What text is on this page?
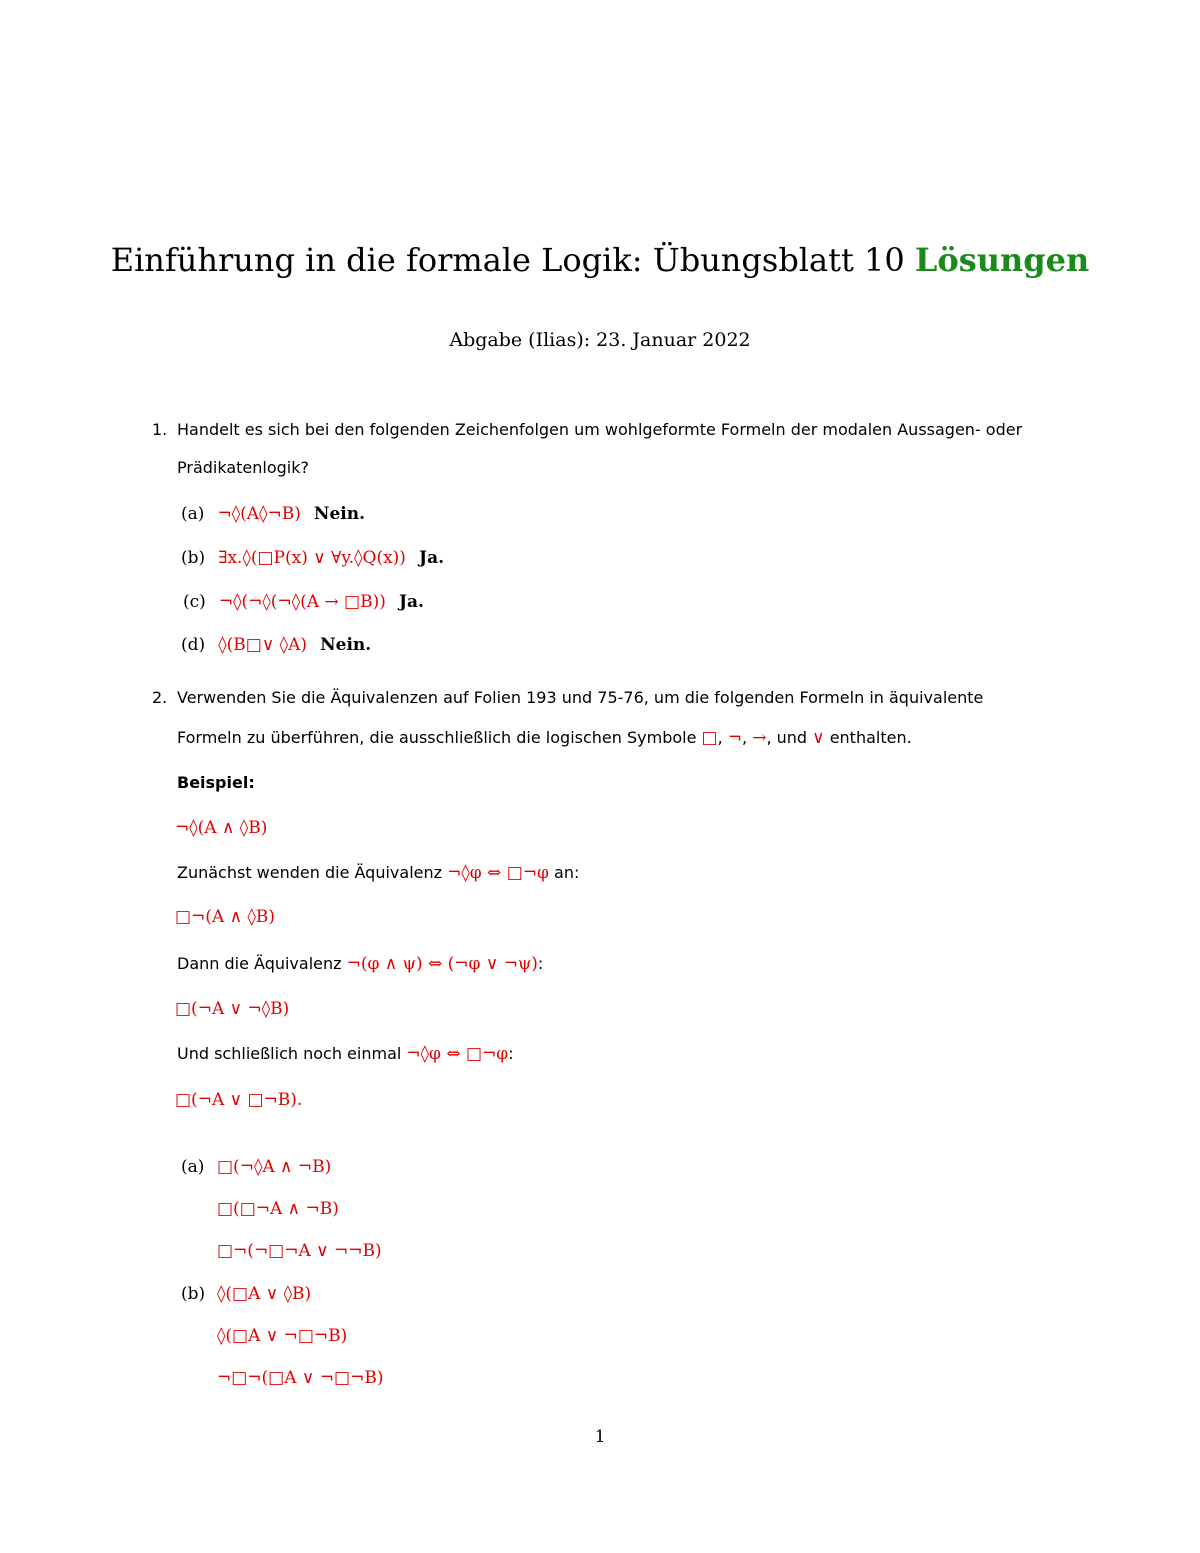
Einführung in die formale Logik: Übungsblatt 10 Lösungen
Abgabe (Ilias): 23. Januar 2022
1. Handelt es sich bei den folgenden Zeichenfolgen um wohlgeformte Formeln der modalen Aussagen- oder
Prädikatenlogik?
(a) ¬◊(A◊¬B) Nein.
(b) ∃x.◊(□P(x) ∨ ∀y.◊Q(x)) Ja.
(c) ¬◊(¬◊(¬◊(A → □B)) Ja.
(d) ◊(B□∨ ◊A) Nein.
2. Verwenden Sie die Äquivalenzen auf Folien 193 und 75-76, um die folgenden Formeln in äquivalente
Formeln zu überführen, die ausschließlich die logischen Symbole □, ¬, →, und ∨ enthalten.
Beispiel:
¬◊(A ∧ ◊B)
Zunächst wenden die Äquivalenz ¬◊φ ⇔ □¬φ an:
□¬(A ∧ ◊B)
Dann die Äquivalenz ¬(φ ∧ ψ) ⇔ (¬φ ∨ ¬ψ):
□(¬A ∨ ¬◊B)
Und schließlich noch einmal ¬◊φ ⇔ □¬φ:
□(¬A ∨ □¬B).
(a) □(¬◊A ∧ ¬B)
□(□¬A ∧ ¬B)
□¬(¬□¬A ∨ ¬¬B)
(b) ◊(□A ∨ ◊B)
◊(□A ∨ ¬□¬B)
¬□¬(□A ∨ ¬□¬B)
1
